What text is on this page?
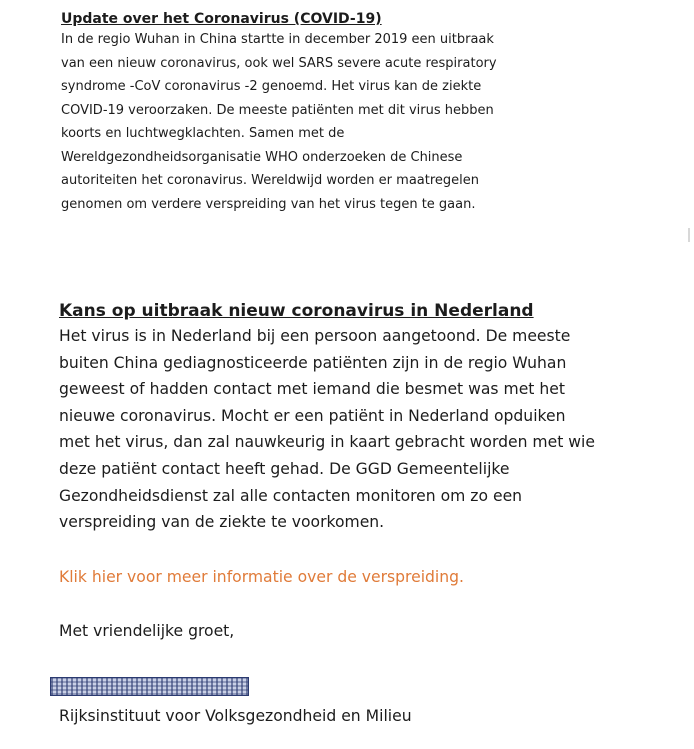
Update over het Coronavirus (COVID-19)

In de regio Wuhan in China startte in december 2019 een uitbraak
van een nieuw coronavirus, ook wel SARS severe acute respiratory
syndrome -CoV coronavirus -2 genoemd. Het virus kan de ziekte
COVID-19 veroorzaken. De meeste patiënten met dit virus hebben
koorts en luchtwegklachten. Samen met de
Wereldgezondheidsorganisatie WHO onderzoeken de Chinese
autoriteiten het coronavirus. Wereldwijd worden er maatregelen
genomen om verdere verspreiding van het virus tegen te gaan.

Kans op uitbraak nieuw coronavirus in Nederland

Het virus is in Nederland bij een persoon aangetoond. De meeste
buiten China gediagnosticeerde patiënten zijn in de regio Wuhan
geweest of hadden contact met iemand die besmet was met het
nieuwe coronavirus. Mocht er een patiënt in Nederland opduiken
met het virus, dan zal nauwkeurig in kaart gebracht worden met wie
deze patiënt contact heeft gehad. De GGD Gemeentelijke
Gezondheidsdienst zal alle contacten monitoren om zo een
verspreiding van de ziekte te voorkomen.

Klik hier voor meer informatie over de verspreiding.
Met vriendelijke groet,
Rijksinstituut voor Volksgezondheid en Milieu
